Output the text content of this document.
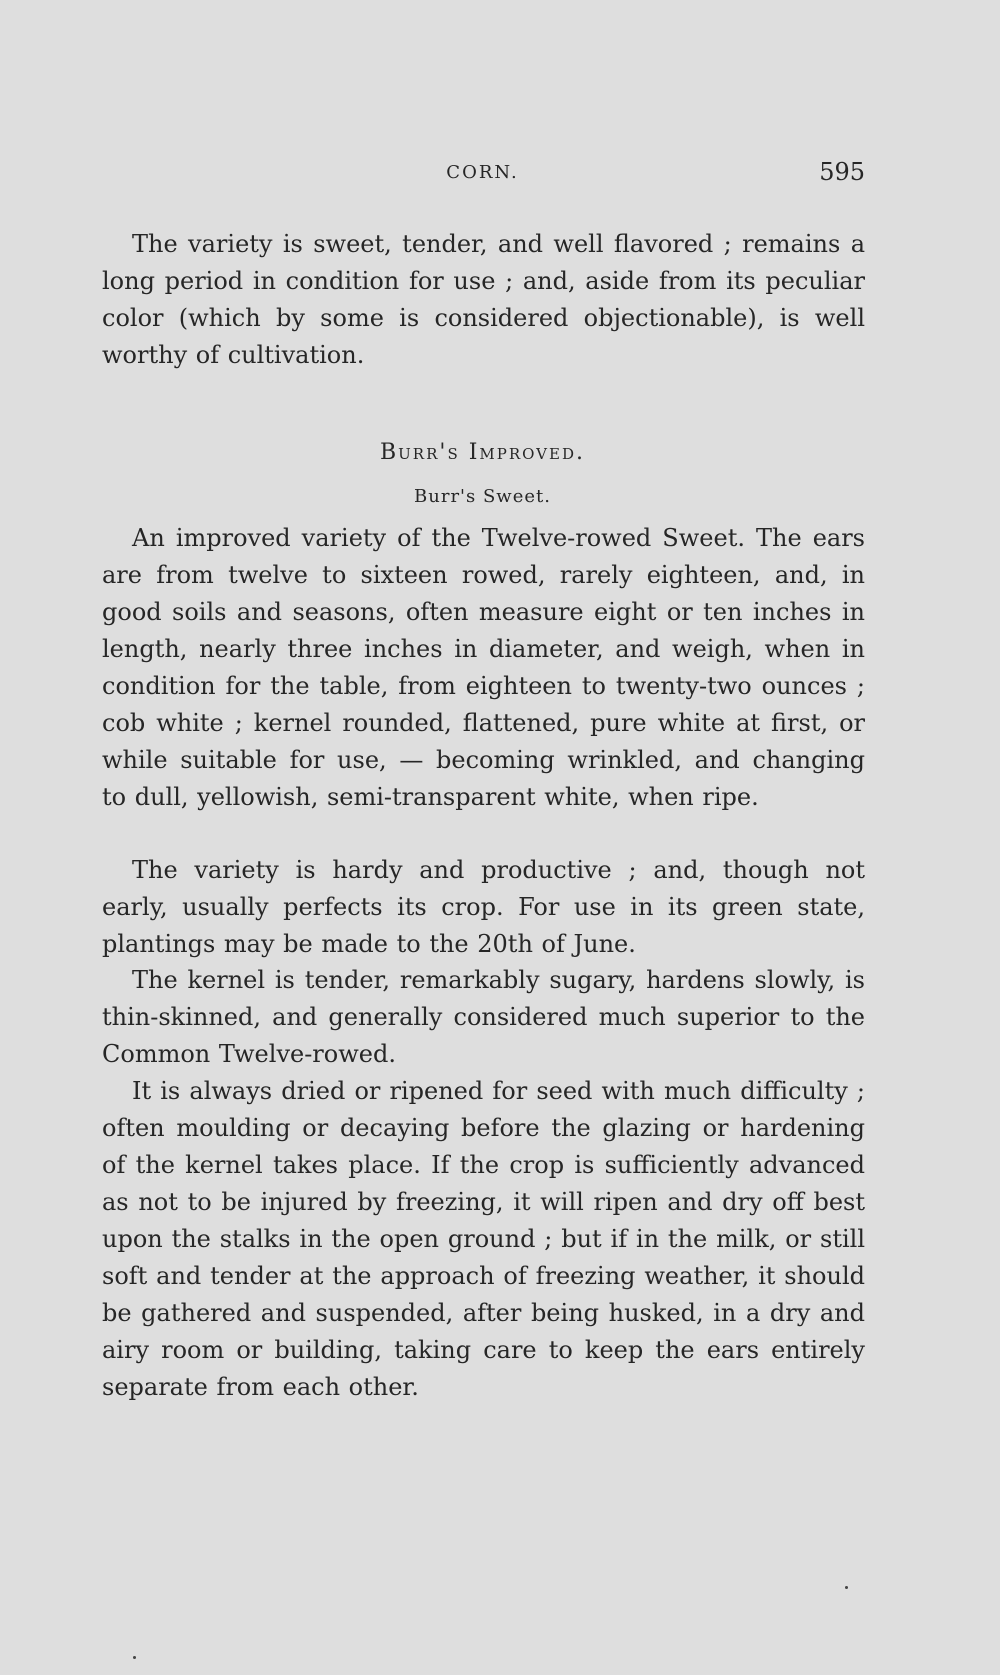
CORN.	595

The variety is sweet, tender, and well flavored ; remains a long period in condition for use ; and, aside from its peculiar color (which by some is considered objectionable), is well worthy of cultivation.

Burr's Improved.
Burr's Sweet.

An improved variety of the Twelve-rowed Sweet. The ears are from twelve to sixteen rowed, rarely eighteen, and, in good soils and seasons, often measure eight or ten inches in length, nearly three inches in diameter, and weigh, when in condition for the table, from eighteen to twenty-two ounces ; cob white ; kernel rounded, flattened, pure white at first, or while suitable for use, — becoming wrinkled, and changing to dull, yellowish, semi-transparent white, when ripe.

The variety is hardy and productive ; and, though not early, usually perfects its crop. For use in its green state, plantings may be made to the 20th of June.

The kernel is tender, remarkably sugary, hardens slowly, is thin-skinned, and generally considered much superior to the Common Twelve-rowed.

It is always dried or ripened for seed with much difficulty ; often moulding or decaying before the glazing or hardening of the kernel takes place. If the crop is sufficiently advanced as not to be injured by freezing, it will ripen and dry off best upon the stalks in the open ground ; but if in the milk, or still soft and tender at the approach of freezing weather, it should be gathered and suspended, after being husked, in a dry and airy room or building, taking care to keep the ears entirely separate from each other.
